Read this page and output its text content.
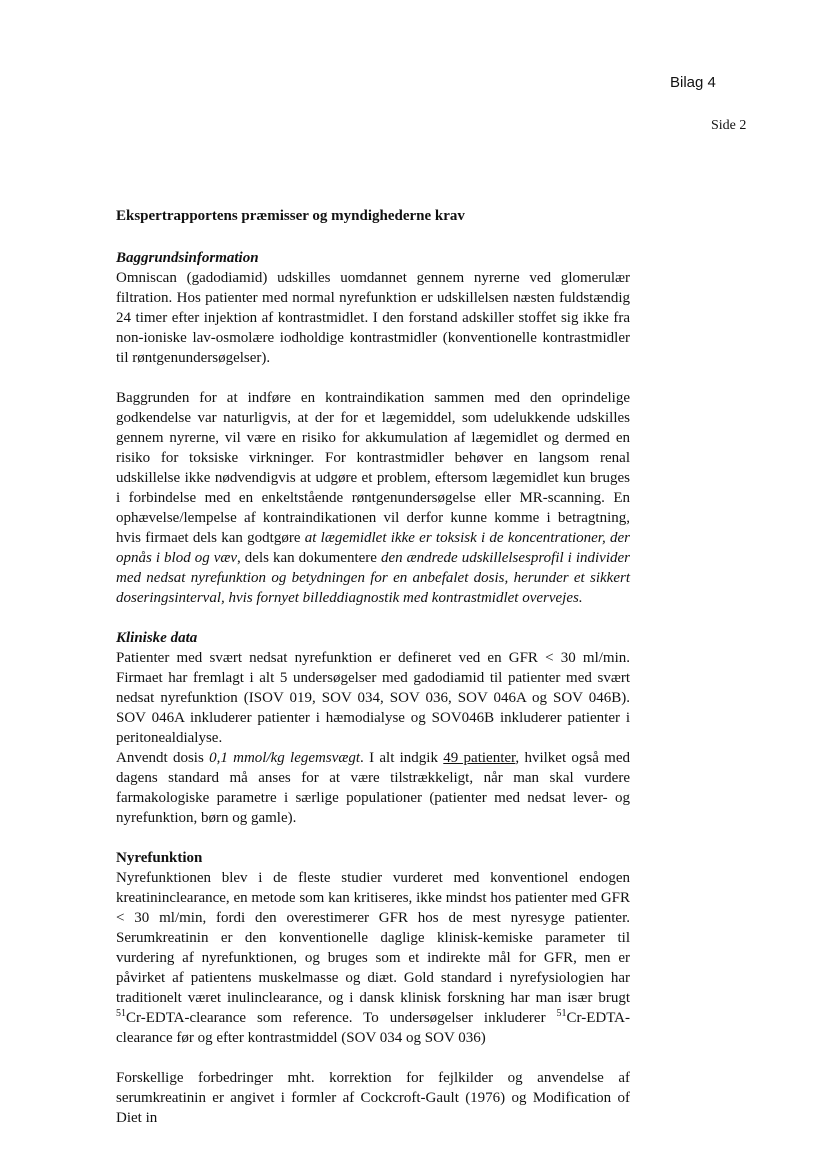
Bilag 4
Side 2
Ekspertrapportens præmisser og myndighederne krav
Baggrundsinformation

Omniscan (gadodiamid) udskilles uomdannet gennem nyrerne ved glomerulær filtration. Hos patienter med normal nyrefunktion er udskillelsen næsten fuldstændig 24 timer efter injektion af kontrastmidlet. I den forstand adskiller stoffet sig ikke fra non-ioniske lav-osmolære iodholdige kontrastmidler (konventionelle kontrastmidler til røntgenundersøgelser).

Baggrunden for at indføre en kontraindikation sammen med den oprindelige godkendelse var naturligvis, at der for et lægemiddel, som udelukkende udskilles gennem nyrerne, vil være en risiko for akkumulation af lægemidlet og dermed en risiko for toksiske virkninger. For kontrastmidler behøver en langsom renal udskillelse ikke nødvendigvis at udgøre et problem, eftersom lægemidlet kun bruges i forbindelse med en enkeltstående røntgenundersøgelse eller MR-scanning. En ophævelse/lempelse af kontraindikationen vil derfor kunne komme i betragtning, hvis firmaet dels kan godtgøre at lægemidlet ikke er toksisk i de koncentrationer, der opnås i blod og væv, dels kan dokumentere den ændrede udskillelsesprofil i individer med nedsat nyrefunktion og betydningen for en anbefalet dosis, herunder et sikkert doseringsinterval, hvis fornyet billeddiagnostik med kontrastmidlet overvejes.

Kliniske data

Patienter med svært nedsat nyrefunktion er defineret ved en GFR < 30 ml/min. Firmaet har fremlagt i alt 5 undersøgelser med gadodiamid til patienter med svært nedsat nyrefunktion (ISOV 019, SOV 034, SOV 036, SOV 046A og SOV 046B). SOV 046A inkluderer patienter i hæmodialyse og SOV046B inkluderer patienter i peritonealdialyse.

Anvendt dosis 0,1 mmol/kg legemsvægt. I alt indgik 49 patienter, hvilket også med dagens standard må anses for at være tilstrækkeligt, når man skal vurdere farmakologiske parametre i særlige populationer (patienter med nedsat lever- og nyrefunktion, børn og gamle).

Nyrefunktion

Nyrefunktionen blev i de fleste studier vurderet med konventionel endogen kreatininclearance, en metode som kan kritiseres, ikke mindst hos patienter med GFR < 30 ml/min, fordi den overestimerer GFR hos de mest nyresyge patienter. Serumkreatinin er den konventionelle daglige klinisk-kemiske parameter til vurdering af nyrefunktionen, og bruges som et indirekte mål for GFR, men er påvirket af patientens muskelmasse og diæt. Gold standard i nyrefysiologien har traditionelt været inulinclearance, og i dansk klinisk forskning har man især brugt $^{51}$Cr-EDTA-clearance som reference. To undersøgelser inkluderer $^{51}$Cr-EDTA-clearance før og efter kontrastmiddel (SOV 034 og SOV 036)

Forskellige forbedringer mht. korrektion for fejlkilder og anvendelse af serumkreatinin er angivet i formler af Cockcroft-Gault (1976) og Modification of Diet in
